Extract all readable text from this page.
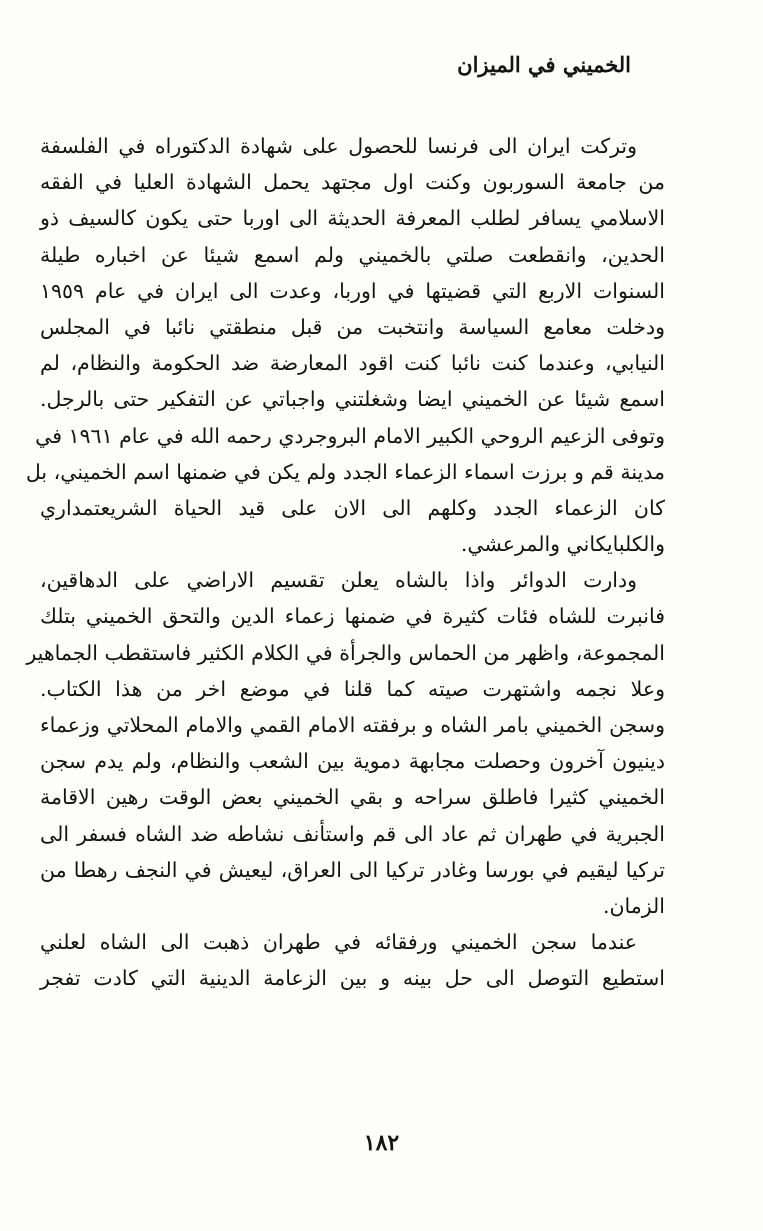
الخميني في الميزان
وتركت ايران الى فرنسا للحصول على شهادة الدكتوراه في الفلسفة
من جامعة السوربون وكنت اول مجتهد يحمل الشهادة العليا في الفقه
الاسلامي يسافر لطلب المعرفة الحديثة الى اوربا حتى يكون كالسيف ذو
الحدين، وانقطعت صلتي بالخميني ولم اسمع شيئا عن اخباره طيلة
السنوات الاربع التي قضيتها في اوربا، وعدت الى ايران في عام ١٩٥٩
ودخلت معامع السياسة وانتخبت من قبل منطقتي نائبا في المجلس
النيابي، وعندما كنت نائبا كنت اقود المعارضة ضد الحكومة والنظام، لم
اسمع شيئا عن الخميني ايضا وشغلتني واجباتي عن التفكير حتى بالرجل.
وتوفى الزعيم الروحي الكبير الامام البروجردي رحمه الله في عام ١٩٦١ في
مدينة قم و برزت اسماء الزعماء الجدد ولم يكن في ضمنها اسم الخميني، بل
كان الزعماء الجدد وكلهم الى الان على قيد الحياة الشريعتمداري
والكلبايكاني والمرعشي.
ودارت الدوائر واذا بالشاه يعلن تقسيم الاراضي على الدهاقين،
فانبرت للشاه فئات كثيرة في ضمنها زعماء الدين والتحق الخميني بتلك
المجموعة، واظهر من الحماس والجرأة في الكلام الكثير فاستقطب الجماهير
وعلا نجمه واشتهرت صيته كما قلنا في موضع اخر من هذا الكتاب.
وسجن الخميني بامر الشاه و برفقته الامام القمي والامام المحلاتي وزعماء
دينيون آخرون وحصلت مجابهة دموية بين الشعب والنظام، ولم يدم سجن
الخميني كثيرا فاطلق سراحه و بقي الخميني بعض الوقت رهين الاقامة
الجبرية في طهران ثم عاد الى قم واستأنف نشاطه ضد الشاه فسفر الى
تركيا ليقيم في بورسا وغادر تركيا الى العراق، ليعيش في النجف رهطا من
الزمان.
عندما سجن الخميني ورفقائه في طهران ذهبت الى الشاه لعلني
استطيع التوصل الى حل بينه و بين الزعامة الدينية التي كادت تفجر
١٨٢
